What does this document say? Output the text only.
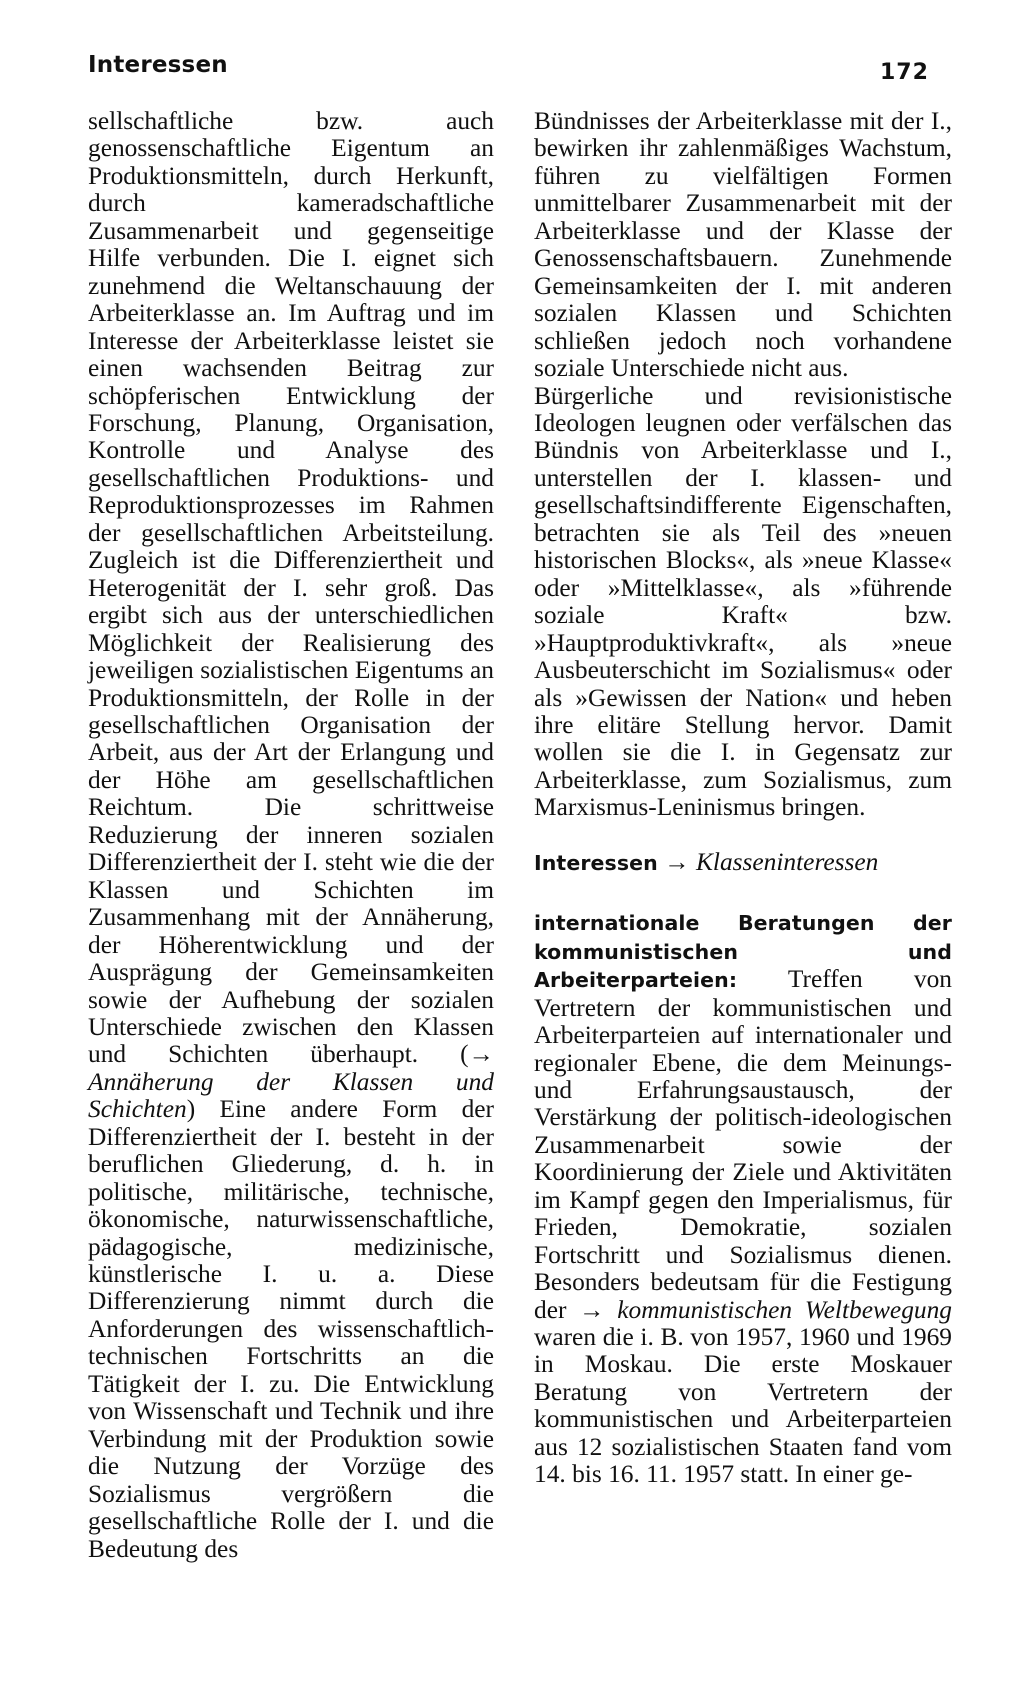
Interessen	172

sellschaftliche bzw. auch genossenschaftliche Eigentum an Produktionsmitteln, durch Herkunft, durch kameradschaftliche Zusammenarbeit und gegenseitige Hilfe verbunden. Die I. eignet sich zunehmend die Weltanschauung der Arbeiterklasse an. Im Auftrag und im Interesse der Arbeiterklasse leistet sie einen wachsenden Beitrag zur schöpferischen Entwicklung der Forschung, Planung, Organisation, Kontrolle und Analyse des gesellschaftlichen Produktions- und Reproduktionsprozesses im Rahmen der gesellschaftlichen Arbeitsteilung. Zugleich ist die Differenziertheit und Heterogenität der I. sehr groß. Das ergibt sich aus der unterschiedlichen Möglichkeit der Realisierung des jeweiligen sozialistischen Eigentums an Produktionsmitteln, der Rolle in der gesellschaftlichen Organisation der Arbeit, aus der Art der Erlangung und der Höhe am gesellschaftlichen Reichtum. Die schrittweise Reduzierung der inneren sozialen Differenziertheit der I. steht wie die der Klassen und Schichten im Zusammenhang mit der Annäherung, der Höherentwicklung und der Ausprägung der Gemeinsamkeiten sowie der Aufhebung der sozialen Unterschiede zwischen den Klassen und Schichten überhaupt. (→ Annäherung der Klassen und Schichten) Eine andere Form der Differenziertheit der I. besteht in der beruflichen Gliederung, d. h. in politische, militärische, technische, ökonomische, naturwissenschaftliche, pädagogische, medizinische, künstlerische I. u. a. Diese Differenzierung nimmt durch die Anforderungen des wissenschaftlich-technischen Fortschritts an die Tätigkeit der I. zu. Die Entwicklung von Wissenschaft und Technik und ihre Verbindung mit der Produktion sowie die Nutzung der Vorzüge des Sozialismus vergrößern die gesellschaftliche Rolle der I. und die Bedeutung des

Bündnisses der Arbeiterklasse mit der I., bewirken ihr zahlenmäßiges Wachstum, führen zu vielfältigen Formen unmittelbarer Zusammenarbeit mit der Arbeiterklasse und der Klasse der Genossenschaftsbauern. Zunehmende Gemeinsamkeiten der I. mit anderen sozialen Klassen und Schichten schließen jedoch noch vorhandene soziale Unterschiede nicht aus.

Bürgerliche und revisionistische Ideologen leugnen oder verfälschen das Bündnis von Arbeiterklasse und I., unterstellen der I. klassen- und gesellschaftsindifferente Eigenschaften, betrachten sie als Teil des »neuen historischen Blocks«, als »neue Klasse« oder »Mittelklasse«, als »führende soziale Kraft« bzw. »Hauptproduktivkraft«, als »neue Ausbeuterschicht im Sozialismus« oder als »Gewissen der Nation« und heben ihre elitäre Stellung hervor. Damit wollen sie die I. in Gegensatz zur Arbeiterklasse, zum Sozialismus, zum Marxismus-Leninismus bringen.

Interessen → Klasseninteressen

internationale Beratungen der kommunistischen und Arbeiterparteien: Treffen von Vertretern der kommunistischen und Arbeiterparteien auf internationaler und regionaler Ebene, die dem Meinungs- und Erfahrungsaustausch, der Verstärkung der politisch-ideologischen Zusammenarbeit sowie der Koordinierung der Ziele und Aktivitäten im Kampf gegen den Imperialismus, für Frieden, Demokratie, sozialen Fortschritt und Sozialismus dienen. Besonders bedeutsam für die Festigung der → kommunistischen Weltbewegung waren die i. B. von 1957, 1960 und 1969 in Moskau. Die erste Moskauer Beratung von Vertretern der kommunistischen und Arbeiterparteien aus 12 sozialistischen Staaten fand vom 14. bis 16. 11. 1957 statt. In einer ge-
